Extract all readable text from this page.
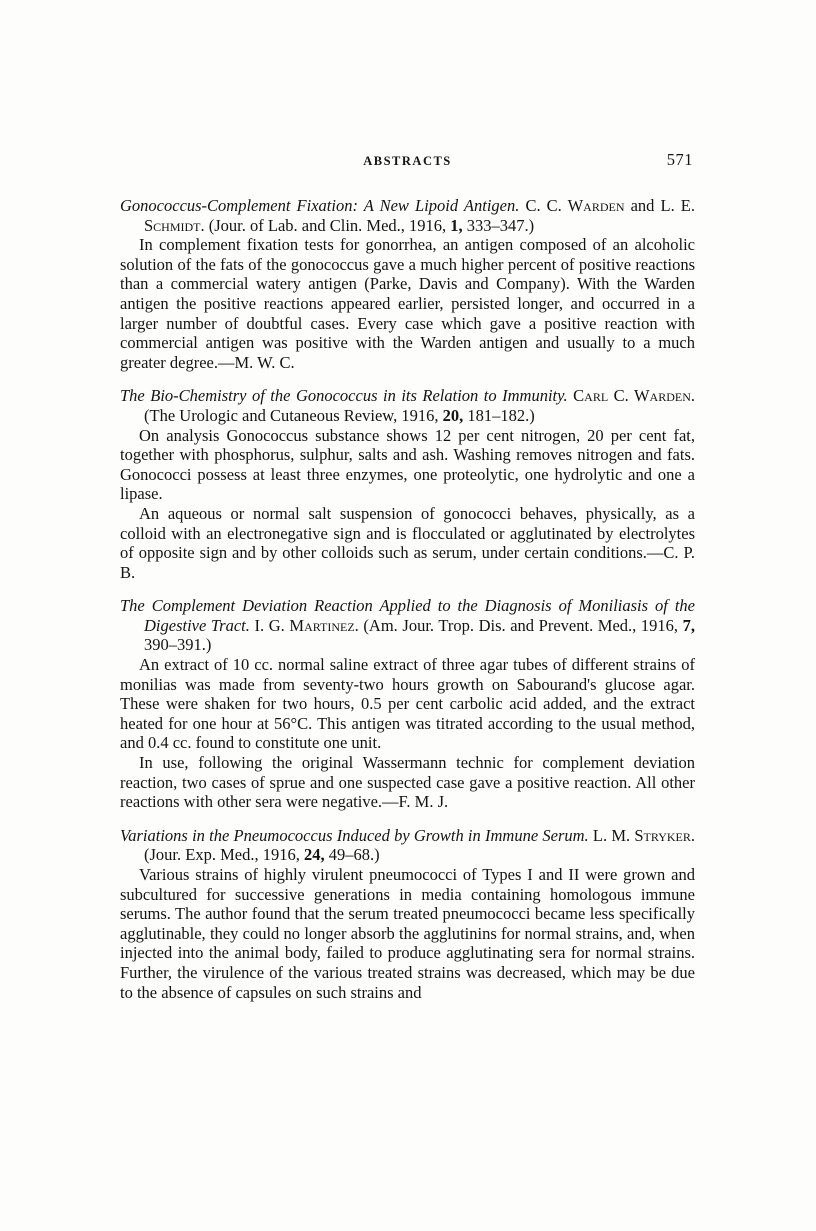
ABSTRACTS	571

Gonococcus-Complement Fixation: A New Lipoid Antigen. C. C. Warden and L. E. Schmidt. (Jour. of Lab. and Clin. Med., 1916, 1, 333–347.)

In complement fixation tests for gonorrhea, an antigen composed of an alcoholic solution of the fats of the gonococcus gave a much higher percent of positive reactions than a commercial watery antigen (Parke, Davis and Company). With the Warden antigen the positive reactions appeared earlier, persisted longer, and occurred in a larger number of doubtful cases. Every case which gave a positive reaction with commercial antigen was positive with the Warden antigen and usually to a much greater degree.—M. W. C.

The Bio-Chemistry of the Gonococcus in its Relation to Immunity. Carl C. Warden. (The Urologic and Cutaneous Review, 1916, 20, 181–182.)

On analysis Gonococcus substance shows 12 per cent nitrogen, 20 per cent fat, together with phosphorus, sulphur, salts and ash. Washing removes nitrogen and fats. Gonococci possess at least three enzymes, one proteolytic, one hydrolytic and one a lipase.

An aqueous or normal salt suspension of gonococci behaves, physically, as a colloid with an electronegative sign and is flocculated or agglutinated by electrolytes of opposite sign and by other colloids such as serum, under certain conditions.—C. P. B.

The Complement Deviation Reaction Applied to the Diagnosis of Moniliasis of the Digestive Tract. I. G. Martinez. (Am. Jour. Trop. Dis. and Prevent. Med., 1916, 7, 390–391.)

An extract of 10 cc. normal saline extract of three agar tubes of different strains of monilias was made from seventy-two hours growth on Sabourand's glucose agar. These were shaken for two hours, 0.5 per cent carbolic acid added, and the extract heated for one hour at 56°C. This antigen was titrated according to the usual method, and 0.4 cc. found to constitute one unit.

In use, following the original Wassermann technic for complement deviation reaction, two cases of sprue and one suspected case gave a positive reaction. All other reactions with other sera were negative.—F. M. J.

Variations in the Pneumococcus Induced by Growth in Immune Serum. L. M. Stryker. (Jour. Exp. Med., 1916, 24, 49–68.)

Various strains of highly virulent pneumococci of Types I and II were grown and subcultured for successive generations in media containing homologous immune serums. The author found that the serum treated pneumococci became less specifically agglutinable, they could no longer absorb the agglutinins for normal strains, and, when injected into the animal body, failed to produce agglutinating sera for normal strains. Further, the virulence of the various treated strains was decreased, which may be due to the absence of capsules on such strains and
